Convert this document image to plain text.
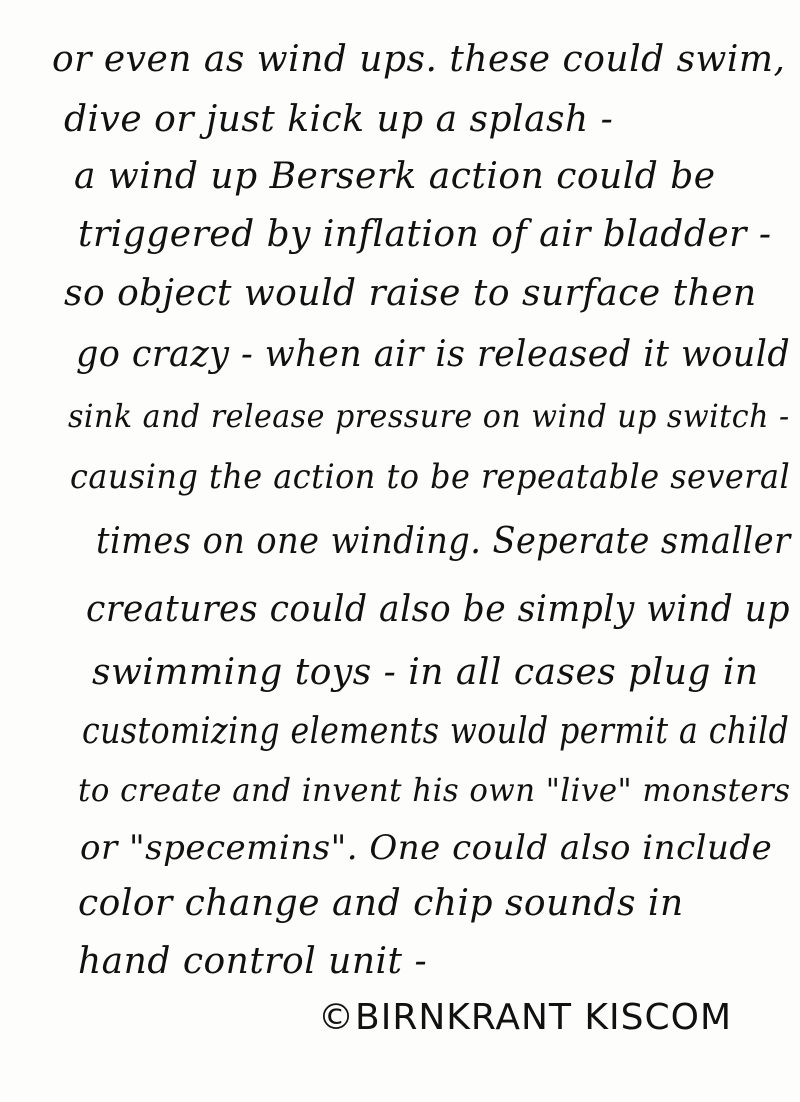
or even as wind ups. these could swim,
dive or just kick up a splash -
a wind up Berserk action could be
triggered by inflation of air bladder -
so object would raise to surface then
go crazy - when air is released it would
sink and release pressure on wind up switch -
causing the action to be repeatable several
times on one winding. Seperate smaller
creatures could also be simply wind up
swimming toys - in all cases plug in
customizing elements would permit a child
to create and invent his own "live" monsters
or "specemins". One could also include
color change and chip sounds in
hand control unit -
©BIRNKRANT KISCOM
